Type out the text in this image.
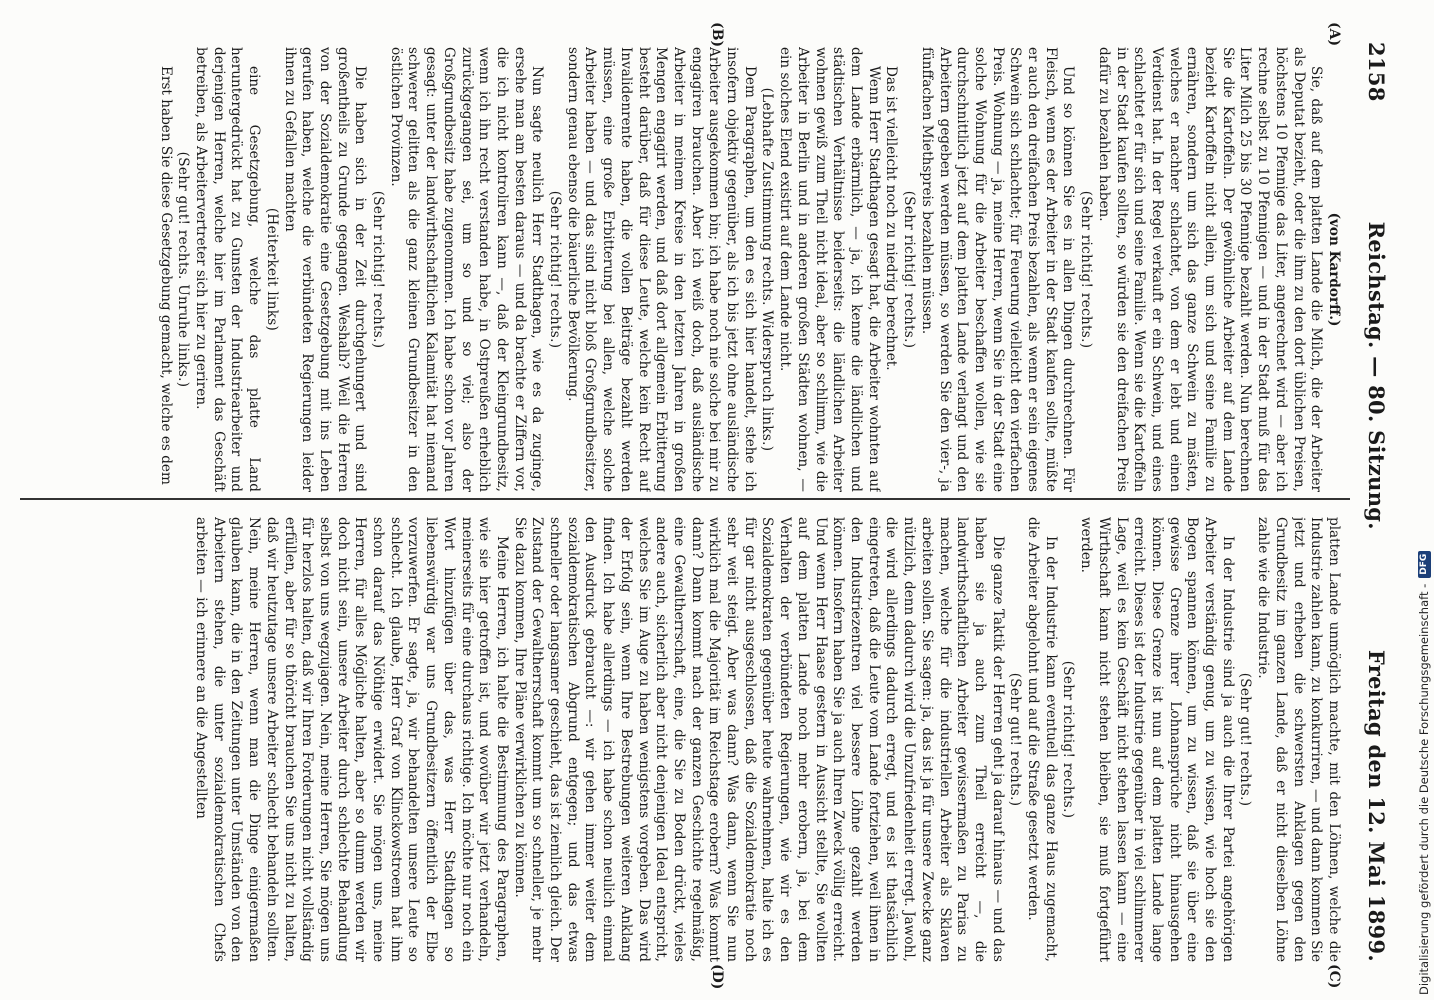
2158
Reichstag. — 80. Sitzung.
Freitag den 12. Mai 1899.
(A)
(B)
(C)
(D)

(von Kardorff.)

Sie, daß auf dem platten Lande die Milch, die der Arbeiter als Deputat bezieht, oder die ihm zu den dort üblichen Preisen, höchstens 10 Pfennige das Liter, angerechnet wird — aber ich rechne selbst zu 10 Pfennigen — und in der Stadt muß für das Liter Milch 25 bis 30 Pfennige bezahlt werden. Nun berechnen Sie die Kartoffeln. Der gewöhnliche Arbeiter auf dem Lande bezieht Kartoffeln nicht allein, um sich und seine Familie zu ernähren, sondern um sich das ganze Schwein zu mästen, welches er nachher schlachtet, von dem er lebt und einen Verdienst hat. In der Regel verkauft er ein Schwein, und eines schlachtet er für sich und seine Familie. Wenn sie die Kartoffeln in der Stadt kaufen sollten, so würden sie den dreifachen Preis dafür zu bezahlen haben.

(Sehr richtig! rechts.)

Und so können Sie es in allen Dingen durchrechnen. Für Fleisch, wenn es der Arbeiter in der Stadt kaufen sollte, müßte er auch den dreifachen Preis bezahlen, als wenn er sein eigenes Schwein sich schlachtet; für Feuerung vielleicht den vierfachen Preis. Wohnung — ja, meine Herren, wenn Sie in der Stadt eine solche Wohnung für die Arbeiter beschaffen wollen, wie sie durchschnittlich jetzt auf dem platten Lande verlangt und den Arbeitern gegeben werden müssen, so werden Sie den vier-, ja fünffachen Miethspreis bezahlen müssen.

(Sehr richtig! rechts.)

Das ist vielleicht noch zu niedrig berechnet.

Wenn Herr Stadthagen gesagt hat, die Arbeiter wohnten auf dem Lande erbärmlich, — ja, ich kenne die ländlichen und städtischen Verhältnisse beiderseits: die ländlichen Arbeiter wohnen gewiß zum Theil nicht ideal, aber so schlimm, wie die Arbeiter in Berlin und in anderen großen Städten wohnen, — ein solches Elend existirt auf dem Lande nicht.

(Lebhafte Zustimmung rechts. Widerspruch links.)

Dem Paragraphen, um den es sich hier handelt, stehe ich insofern objektiv gegenüber, als ich bis jetzt ohne ausländische Arbeiter ausgekommen bin; ich habe noch nie solche bei mir zu engagiren brauchen. Aber ich weiß doch, daß ausländische Arbeiter in meinem Kreise in den letzten Jahren in großen Mengen engagirt werden, und daß dort allgemein Erbitterung besteht darüber, daß für diese Leute, welche kein Recht auf Invalidenrente haben, die vollen Beiträge bezahlt werden müssen, eine große Erbitterung bei allen, welche solche Arbeiter haben — und das sind nicht bloß Großgrundbesitzer, sondern genau ebenso die bäuerliche Bevölkerung.

(Sehr richtig! rechts.)

Nun sagte neulich Herr Stadthagen, wie es da zuginge, ersehe man am besten daraus — und da brachte er Ziffern vor, die ich nicht kontroliren kann —, daß der Kleingrundbesitz, wenn ich ihn recht verstanden habe, in Ostpreußen erheblich zurückgegangen sei, um so und so viel; also der Großgrundbesitz habe zugenommen. Ich habe schon vor Jahren gesagt: unter der landwirthschaftlichen Kalamität hat niemand schwerer gelitten als die ganz kleinen Grundbesitzer in den östlichen Provinzen.

(Sehr richtig! rechts.)

Die haben sich in der Zeit durchgehungert und sind großentheils zu Grunde gegangen. Weshalb? Weil die Herren von der Sozialdemokratie eine Gesetzgebung mit ins Leben gerufen haben, welche die verbündeten Regierungen leider ihnen zu Gefallen machten

(Heiterkeit links)

eine Gesetzgebung, welche das platte Land heruntergedrückt hat zu Gunsten der Industriearbeiter und derjenigen Herren, welche hier im Parlament das Geschäft betreiben, als Arbeitervertreter sich hier zu geriren.

(Sehr gut! rechts. Unruhe links.)

Erst haben Sie diese Gesetzgebung gemacht, welche es dem

platten Lande unmöglich machte, mit den Löhnen, welche die Industrie zahlen kann, zu konkurriren, — und dann kommen Sie jetzt und erheben die schwersten Anklagen gegen den Grundbesitz im ganzen Lande, daß er nicht dieselben Löhne zahle wie die Industrie.

(Sehr gut! rechts.)

In der Industrie sind ja auch die Ihrer Partei angehörigen Arbeiter verständig genug, um zu wissen, wie hoch sie den Bogen spannen können, um zu wissen, daß sie über eine gewisse Grenze ihrer Lohnansprüche nicht hinausgehen können. Diese Grenze ist nun auf dem platten Lande lange erreicht. Dieses ist der Industrie gegenüber in viel schlimmerer Lage, weil es kein Geschäft nicht stehen lassen kann — eine Wirthschaft kann nicht stehen bleiben, sie muß fortgeführt werden.

(Sehr richtig! rechts.)

In der Industrie kann eventuell das ganze Haus zugemacht, die Arbeiter abgelohnt und auf die Straße gesetzt werden.

(Sehr gut! rechts.)

Die ganze Taktik der Herren geht ja darauf hinaus — und das haben sie ja auch zum Theil erreicht —, die landwirthschaftlichen Arbeiter gewissermaßen zu Parias zu machen, welche für die industriellen Arbeiter als Sklaven arbeiten sollen. Sie sagen: ja, das ist ja für unsere Zwecke ganz nützlich, denn dadurch wird die Unzufriedenheit erregt. Jawohl, die wird allerdings dadurch erregt, und es ist thatsächlich eingetreten, daß die Leute vom Lande fortziehen, weil ihnen in den Industriezentren viel bessere Löhne gezahlt werden können. Insofern haben Sie ja auch Ihren Zweck völlig erreicht. Und wenn Herr Haase gestern in Aussicht stellte, Sie wollten auf dem platten Lande noch mehr erobern, ja, bei dem Verhalten der verbündeten Regierungen, wie wir es den Sozialdemokraten gegenüber heute wahrnehmen, halte ich es für gar nicht ausgeschlossen, daß die Sozialdemokratie noch sehr weit steigt. Aber was dann? Was dann, wenn Sie nun wirklich mal die Majorität im Reichstage erobern? Was kommt dann? Dann kommt nach der ganzen Geschichte regelmäßig, eine Gewaltherrschaft, eine, die Sie zu Boden drückt, vieles andere auch, sicherlich aber nicht denjenigen Ideal entspricht, welches Sie im Auge zu haben wenigstens vorgeben. Das wird der Erfolg sein, wenn Ihre Bestrebungen weiteren Anklang finden. Ich habe allerdings — ich habe schon neulich einmal den Ausdruck gebraucht —: wir gehen immer weiter dem sozialdemokratischen Abgrund entgegen; und das etwas schneller oder langsamer geschieht, das ist ziemlich gleich. Der Zustand der Gewaltherrschaft kommt um so schneller, je mehr Sie dazu kommen, Ihre Pläne verwirklichen zu können.

Meine Herren, ich halte die Bestimmung des Paragraphen, wie sie hier getroffen ist, und wovüber wir jetzt verhandeln, meinerseits für eine durchaus richtige. Ich möchte nur noch ein Wort hinzufügen über das, was Herr Stadthagen so liebenswürdig war uns Grundbesitzern öffentlich der Elbe vorzuwerfen. Er sagte, ja, wir behandelten unsere Leute so schlecht. Ich glaube, Herr Graf von Klinckowstroem hat ihm schon darauf das Nöthige erwidert. Sie mögen uns, meine Herren, für alles Mögliche halten, aber so dumm werden wir doch nicht sein, unsere Arbeiter durch schlechte Behandlung selbst von uns wegzujagen. Nein, meine Herren, Sie mögen uns für herzlos halten, daß wir Ihren Forderungen nicht vollständig erfüllen, aber für so thöricht brauchen Sie uns nicht zu halten, daß wir heutzutage unsere Arbeiter schlecht behandeln sollten. Nein, meine Herren, wenn man die Dinge einigermaßen glauben kann, die in den Zeitungen unter Umständen von den Arbeitern stehen, die unter sozialdemokratischen Chefs arbeiten — ich erinnere an die Angestellten	Digitalisierung gefördert durch die Deutsche Forschungsgemeinschaft -
DFG
